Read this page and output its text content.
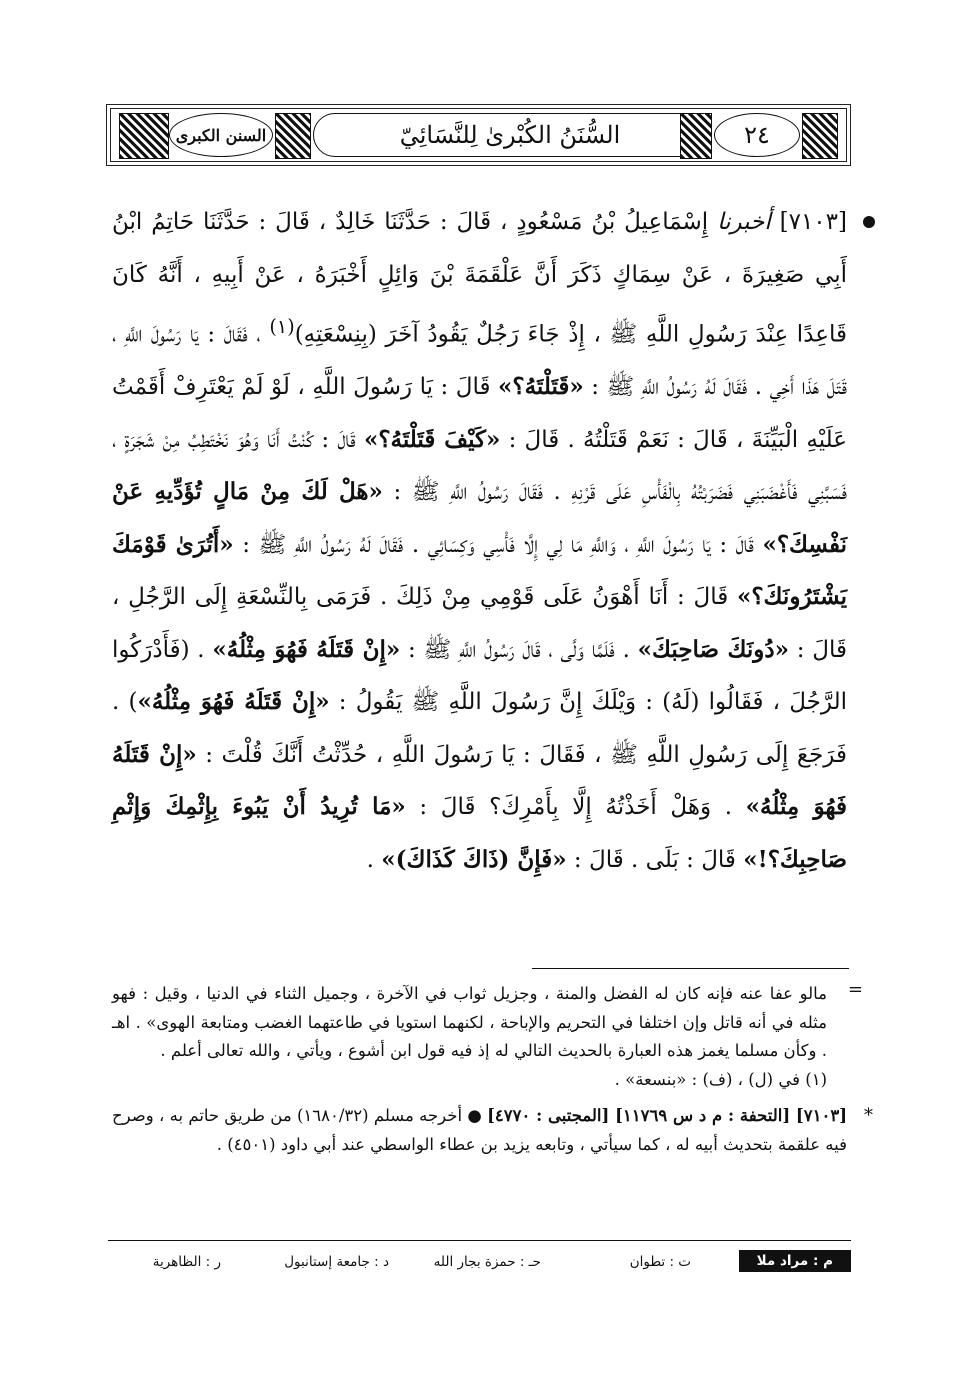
السنن الكبرى	السُّنَنُ الكُبْرىٰ لِلنَّسَائِيّ	٢٤
[٧١٠٣] أخبرنا إِسْمَاعِيلُ بْنُ مَسْعُودٍ ، قَالَ : حَدَّثَنَا خَالِدٌ ، قَالَ : حَدَّثَنَا حَاتِمُ ابْنُ أَبِي صَغِيرَةَ ، عَنْ سِمَاكٍ ذَكَرَ أَنَّ عَلْقَمَةَ بْنَ وَائِلٍ أَخْبَرَهُ ، عَنْ أَبِيهِ ، أَنَّهُ كَانَ قَاعِدًا عِنْدَ رَسُولِ اللَّهِ ﷺ ، إِذْ جَاءَ رَجُلٌ يَقُودُ آخَرَ (بِنِسْعَتِهِ)$^{(١)}$ ، فَقَالَ : يَا رَسُولَ اللَّهِ ، قَتَلَ هَذَا أَخِي . فَقَالَ لَهُ رَسُولُ اللَّهِ ﷺ : «قَتَلْتَهُ؟» قَالَ : يَا رَسُولَ اللَّهِ ، لَوْ لَمْ يَعْتَرِفْ أَقَمْتُ عَلَيْهِ الْبَيِّنَةَ ، قَالَ : نَعَمْ قَتَلْتُهُ . قَالَ : «كَيْفَ قَتَلْتَهُ؟» قَالَ : كُنْتُ أَنَا وَهُوَ نَخْتَطِبُ مِنْ شَجَرَةٍ ، فَسَبَّنِي فَأَغْضَبَنِي فَضَرَبْتُهُ بِالْفَأْسِ عَلَى قَرْنِهِ . فَقَالَ رَسُولُ اللَّهِ ﷺ : «هَلْ لَكَ مِنْ مَالٍ تُؤَدِّيهِ عَنْ نَفْسِكَ؟» قَالَ : يَا رَسُولَ اللَّهِ ، وَاللَّهِ مَا لِي إِلَّا فَأْسِي وَكِسَائِي . فَقَالَ لَهُ رَسُولُ اللَّهِ ﷺ : «أَتُرَىٰ قَوْمَكَ يَشْتَرُونَكَ؟» قَالَ : أَنَا أَهْوَنُ عَلَى قَوْمِي مِنْ ذَلِكَ . فَرَمَى بِالنِّسْعَةِ إِلَى الرَّجُلِ ، قَالَ : «دُونَكَ صَاحِبَكَ» . فَلَمَّا وَلَّى ، قَالَ رَسُولُ اللَّهِ ﷺ : «إِنْ قَتَلَهُ فَهُوَ مِثْلُهُ» . (فَأَدْرَكُوا الرَّجُلَ ، فَقَالُوا (لَهُ) : وَيْلَكَ إِنَّ رَسُولَ اللَّهِ ﷺ يَقُولُ : «إِنْ قَتَلَهُ فَهُوَ مِثْلُهُ») . فَرَجَعَ إِلَى رَسُولِ اللَّهِ ﷺ ، فَقَالَ : يَا رَسُولَ اللَّهِ ، حُدِّثْتُ أَنَّكَ قُلْتَ : «إِنْ قَتَلَهُ فَهُوَ مِثْلُهُ» . وَهَلْ أَخَذْتُهُ إِلَّا بِأَمْرِكَ؟ قَالَ : «مَا تُرِيدُ أَنْ يَبُوءَ بِإِثْمِكَ وَإِثْمِ صَاحِبِكَ؟!» قَالَ : بَلَى . قَالَ : «فَإِنَّ (ذَاكَ كَذَاكَ)» .
= مالو عفا عنه فإنه كان له الفضل والمنة ، وجزيل ثواب في الآخرة ، وجميل الثناء في الدنيا ، وقيل : فهو مثله في أنه قاتل وإن اختلفا في التحريم والإباحة ، لكنهما استويا في طاعتهما الغضب ومتابعة الهوى» . اهـ . وكأن مسلما يغمز هذه العبارة بالحديث التالي له إذ فيه قول ابن أشوع ، ويأتي ، والله تعالى أعلم .
(١) في (ل) ، (ف) : «بنسعة» .
*
[٧١٠٣] [التحفة : م د س ١١٧٦٩] [المجتبى : ٤٧٧٠] ● أخرجه مسلم (١٦٨٠/٣٢) من طريق حاتم به ، وصرح فيه علقمة بتحديث أبيه له ، كما سيأتي ، وتابعه يزيد بن عطاء الواسطي عند أبي داود (٤٥٠١) .
م : مراد ملا
ت : تطوان
حـ : حمزة بجار الله
د : جامعة إستانبول
ر : الظاهرية
